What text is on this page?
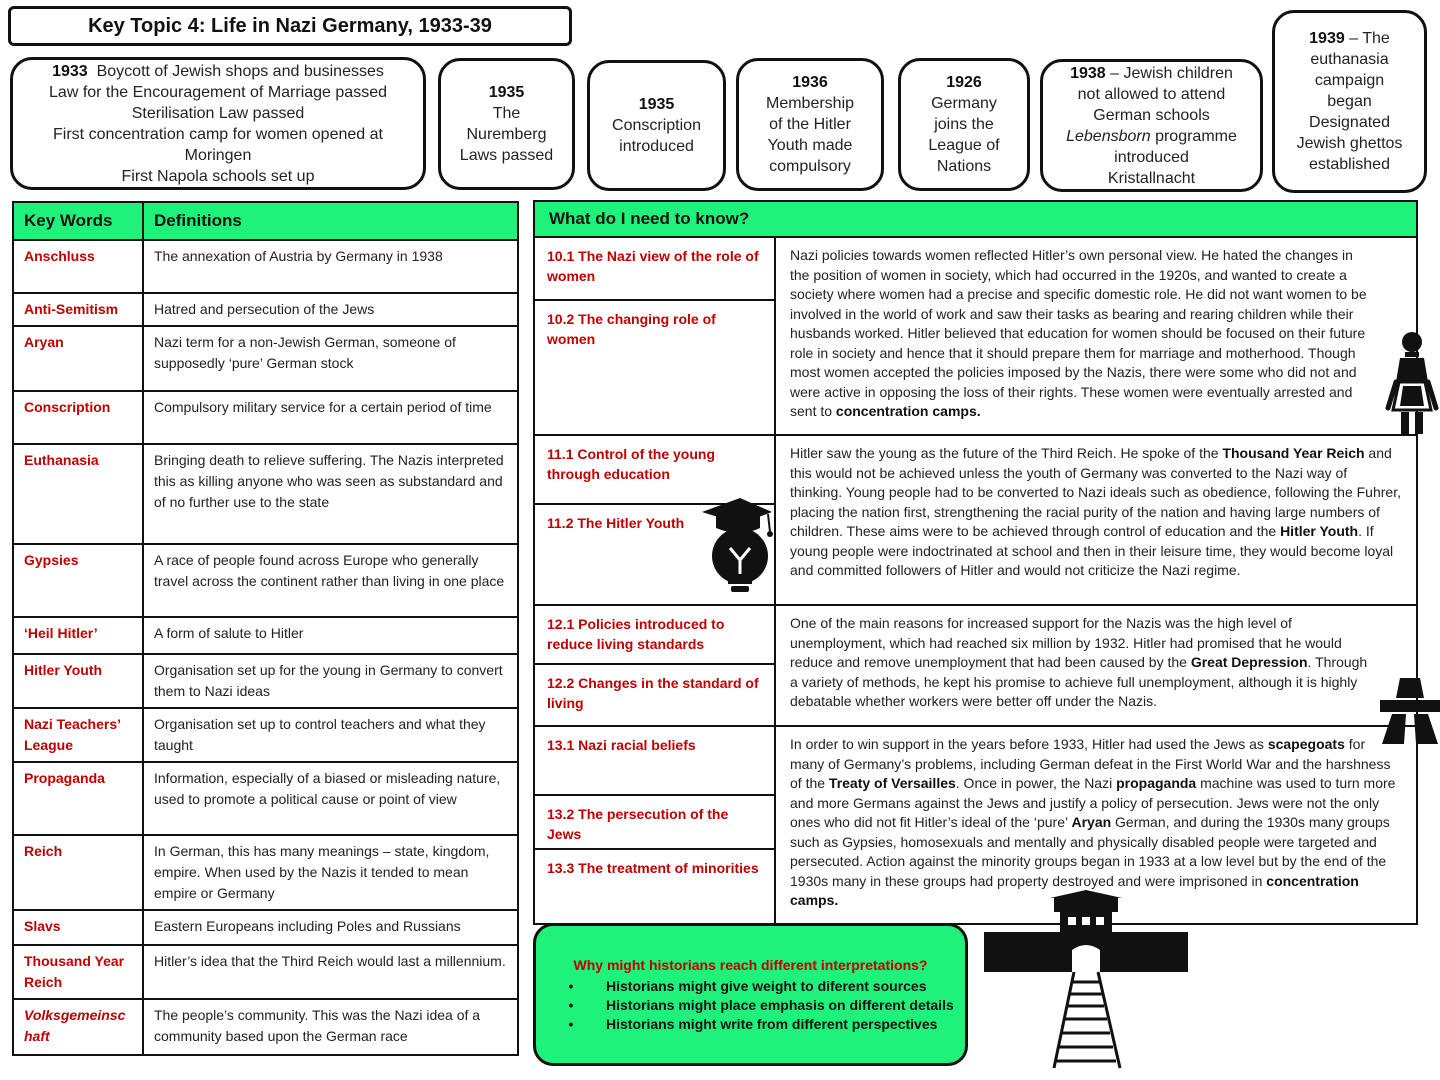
Key Topic 4: Life in Nazi Germany, 1933-39
1933 Boycott of Jewish shops and businesses
Law for the Encouragement of Marriage passed
Sterilisation Law passed
First concentration camp for women opened at
Moringen
First Napola schools set up
1935
The
Nuremberg
Laws passed
1935
Conscription
introduced
1936
Membership
of the Hitler
Youth made
compulsory
1926
Germany
joins the
League of
Nations
1938 – Jewish children
not allowed to attend
German schools
Lebensborn programme
introduced
Kristallnacht
1939 – The
euthanasia
campaign
began
Designated
Jewish ghettos
established
Key Words	Definitions
Anschluss	The annexation of Austria by Germany in 1938
Anti-Semitism	Hatred and persecution of the Jews
Aryan	Nazi term for a non-Jewish German, someone of supposedly ‘pure’ German stock
Conscription	Compulsory military service for a certain period of time
Euthanasia	Bringing death to relieve suffering. The Nazis interpreted this as killing anyone who was seen as substandard and of no further use to the state
Gypsies	A race of people found across Europe who generally travel across the continent rather than living in one place
‘Heil Hitler’	A form of salute to Hitler
Hitler Youth	Organisation set up for the young in Germany to convert them to Nazi ideas
Nazi Teachers’ League	Organisation set up to control teachers and what they taught
Propaganda	Information, especially of a biased or misleading nature, used to promote a political cause or point of view
Reich	In German, this has many meanings – state, kingdom, empire. When used by the Nazis it tended to mean empire or Germany
Slavs	Eastern Europeans including Poles and Russians
Thousand Year Reich	Hitler’s idea that the Third Reich would last a millennium.
Volksgemeinschaft	The people’s community. This was the Nazi idea of a community based upon the German race
What do I need to know?
10.1 The Nazi view of the role of women
10.2 The changing role of women
Nazi policies towards women reflected Hitler’s own personal view. He hated the changes in the position of women in society, which had occurred in the 1920s, and wanted to create a society where women had a precise and specific domestic role. He did not want women to be involved in the world of work and saw their tasks as bearing and rearing children while their husbands worked. Hitler believed that education for women should be focused on their future role in society and hence that it should prepare them for marriage and motherhood. Though most women accepted the policies imposed by the Nazis, there were some who did not and were active in opposing the loss of their rights. These women were eventually arrested and sent to concentration camps.
11.1 Control of the young through education
11.2 The Hitler Youth
Hitler saw the young as the future of the Third Reich. He spoke of the Thousand Year Reich and this would not be achieved unless the youth of Germany was converted to the Nazi way of thinking. Young people had to be converted to Nazi ideals such as obedience, following the Fuhrer, placing the nation first, strengthening the racial purity of the nation and having large numbers of children. These aims were to be achieved through control of education and the Hitler Youth. If young people were indoctrinated at school and then in their leisure time, they would become loyal and committed followers of Hitler and would not criticize the Nazi regime.
12.1 Policies introduced to reduce living standards
12.2 Changes in the standard of living
One of the main reasons for increased support for the Nazis was the high level of unemployment, which had reached six million by 1932. Hitler had promised that he would reduce and remove unemployment that had been caused by the Great Depression. Through a variety of methods, he kept his promise to achieve full unemployment, although it is highly debatable whether workers were better off under the Nazis.
13.1 Nazi racial beliefs
13.2 The persecution of the Jews
13.3 The treatment of minorities
In order to win support in the years before 1933, Hitler had used the Jews as scapegoats for many of Germany’s problems, including German defeat in the First World War and the harshness of the Treaty of Versailles. Once in power, the Nazi propaganda machine was used to turn more and more Germans against the Jews and justify a policy of persecution. Jews were not the only ones who did not fit Hitler’s ideal of the ‘pure’ Aryan German, and during the 1930s many groups such as Gypsies, homosexuals and mentally and physically disabled people were targeted and persecuted. Action against the minority groups began in 1933 at a low level but by the end of the 1930s many in these groups had property destroyed and were imprisoned in concentration camps.
Why might historians reach different interpretations?
•	Historians might give weight to diferent sources
•	Historians might place emphasis on different details
•	Historians might write from different perspectives
